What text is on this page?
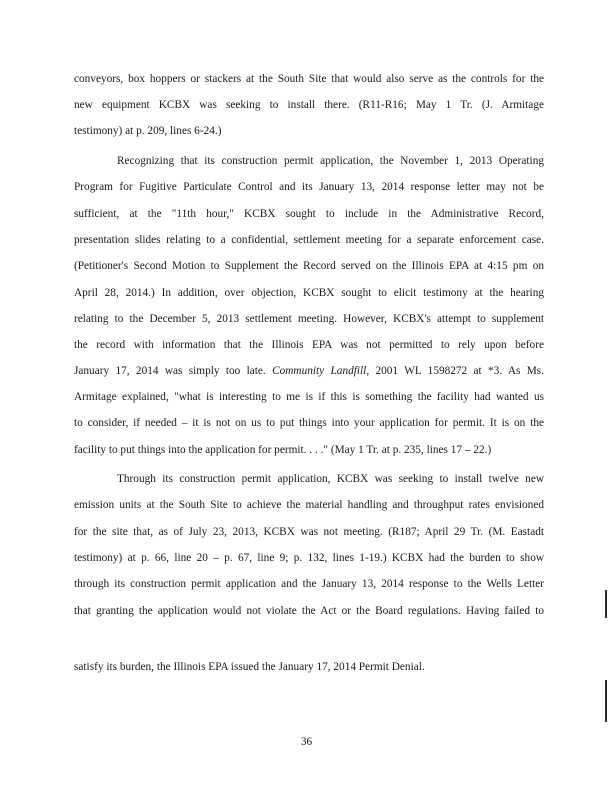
conveyors, box hoppers or stackers at the South Site that would also serve as the controls for the

new equipment KCBX was seeking to install there. (R11-R16; May 1 Tr. (J. Armitage

testimony) at p. 209, lines 6-24.)

Recognizing that its construction permit application, the November 1, 2013 Operating

Program for Fugitive Particulate Control and its January 13, 2014 response letter may not be

sufficient, at the "11th hour," KCBX sought to include in the Administrative Record,

presentation slides relating to a confidential, settlement meeting for a separate enforcement case.

(Petitioner's Second Motion to Supplement the Record served on the Illinois EPA at 4:15 pm on

April 28, 2014.) In addition, over objection, KCBX sought to elicit testimony at the hearing

relating to the December 5, 2013 settlement meeting. However, KCBX's attempt to supplement

the record with information that the Illinois EPA was not permitted to rely upon before

January 17, 2014 was simply too late. Community Landfill, 2001 WL 1598272 at *3. As Ms.

Armitage explained, "what is interesting to me is if this is something the facility had wanted us

to consider, if needed – it is not on us to put things into your application for permit. It is on the

facility to put things into the application for permit. . . ." (May 1 Tr. at p. 235, lines 17 – 22.)

Through its construction permit application, KCBX was seeking to install twelve new

emission units at the South Site to achieve the material handling and throughput rates envisioned

for the site that, as of July 23, 2013, KCBX was not meeting. (R187; April 29 Tr. (M. Eastadt

testimony) at p. 66, line 20 – p. 67, line 9; p. 132, lines 1-19.) KCBX had the burden to show

through its construction permit application and the January 13, 2014 response to the Wells Letter

that granting the application would not violate the Act or the Board regulations. Having failed to

satisfy its burden, the Illinois EPA issued the January 17, 2014 Permit Denial.

36
